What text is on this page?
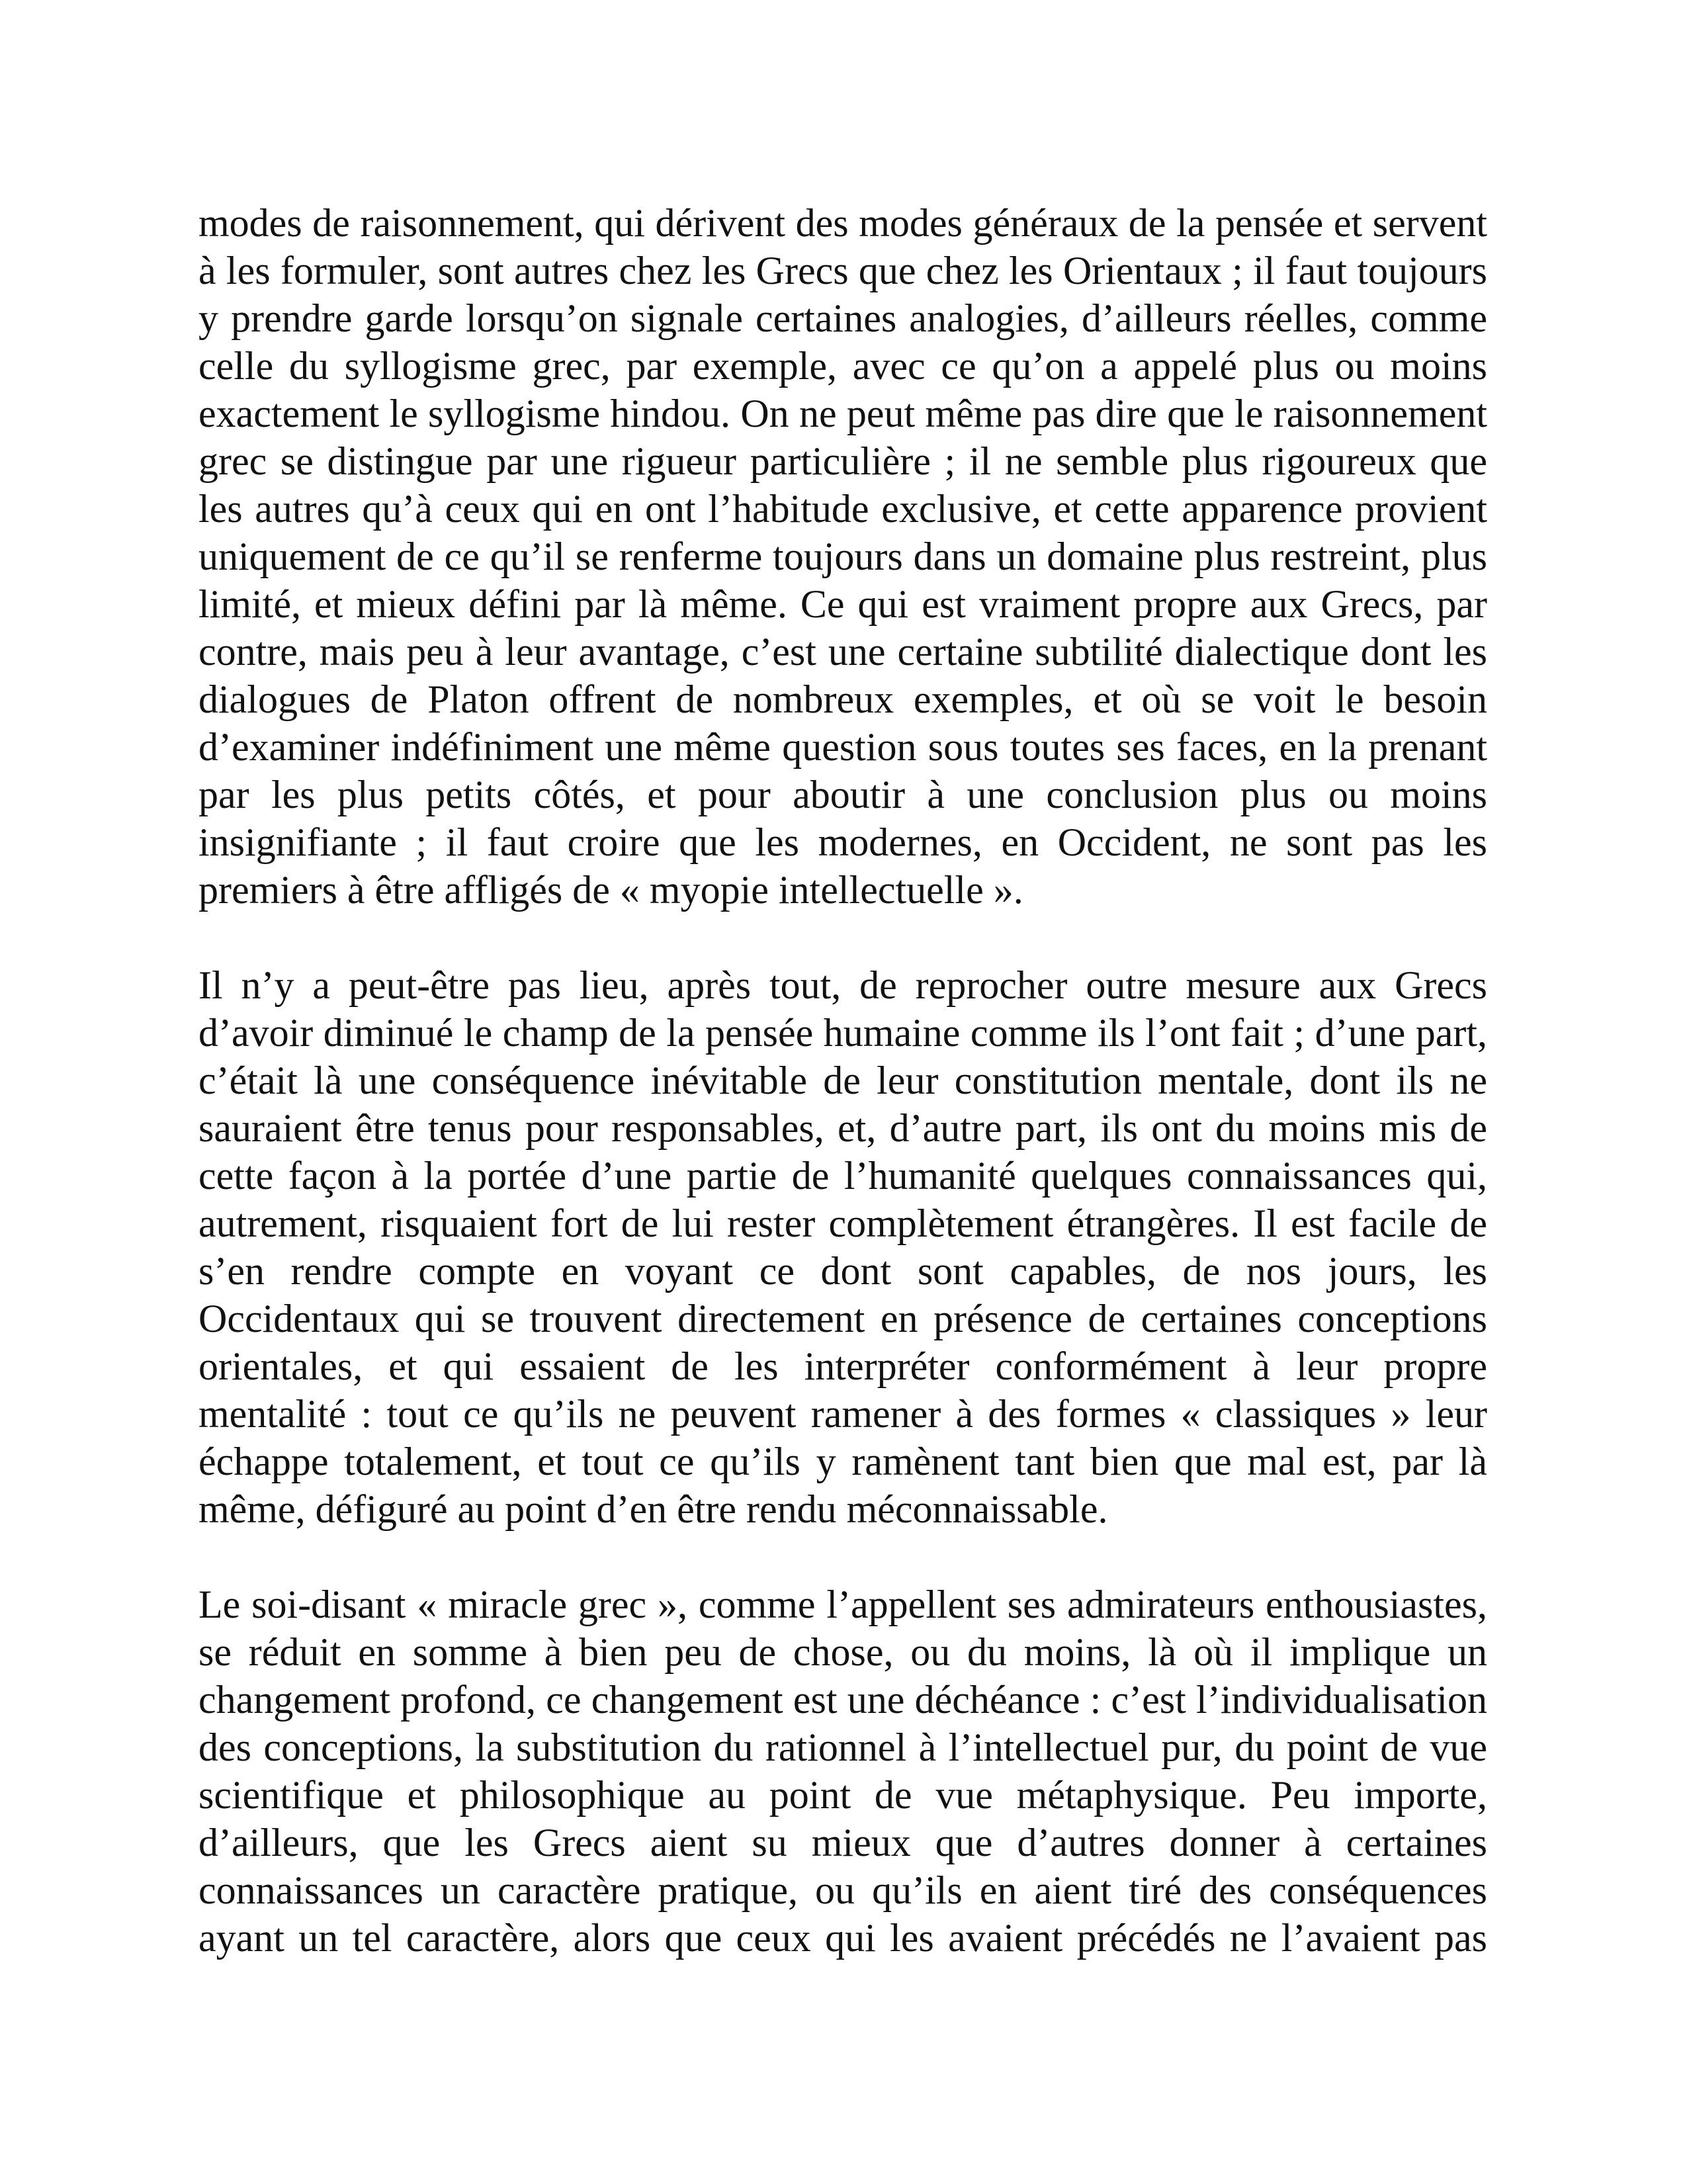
modes de raisonnement, qui dérivent des modes généraux de la pensée et servent
à les formuler, sont autres chez les Grecs que chez les Orientaux ; il faut toujours
y prendre garde lorsqu’on signale certaines analogies, d’ailleurs réelles, comme
celle du syllogisme grec, par exemple, avec ce qu’on a appelé plus ou moins
exactement le syllogisme hindou. On ne peut même pas dire que le raisonnement
grec se distingue par une rigueur particulière ; il ne semble plus rigoureux que
les autres qu’à ceux qui en ont l’habitude exclusive, et cette apparence provient
uniquement de ce qu’il se renferme toujours dans un domaine plus restreint, plus
limité, et mieux défini par là même. Ce qui est vraiment propre aux Grecs, par
contre, mais peu à leur avantage, c’est une certaine subtilité dialectique dont les
dialogues de Platon offrent de nombreux exemples, et où se voit le besoin
d’examiner indéfiniment une même question sous toutes ses faces, en la prenant
par les plus petits côtés, et pour aboutir à une conclusion plus ou moins
insignifiante ; il faut croire que les modernes, en Occident, ne sont pas les
premiers à être affligés de « myopie intellectuelle ».

Il n’y a peut-être pas lieu, après tout, de reprocher outre mesure aux Grecs
d’avoir diminué le champ de la pensée humaine comme ils l’ont fait ; d’une part,
c’était là une conséquence inévitable de leur constitution mentale, dont ils ne
sauraient être tenus pour responsables, et, d’autre part, ils ont du moins mis de
cette façon à la portée d’une partie de l’humanité quelques connaissances qui,
autrement, risquaient fort de lui rester complètement étrangères. Il est facile de
s’en rendre compte en voyant ce dont sont capables, de nos jours, les
Occidentaux qui se trouvent directement en présence de certaines conceptions
orientales, et qui essaient de les interpréter conformément à leur propre
mentalité : tout ce qu’ils ne peuvent ramener à des formes « classiques » leur
échappe totalement, et tout ce qu’ils y ramènent tant bien que mal est, par là
même, défiguré au point d’en être rendu méconnaissable.

Le soi-disant « miracle grec », comme l’appellent ses admirateurs enthousiastes,
se réduit en somme à bien peu de chose, ou du moins, là où il implique un
changement profond, ce changement est une déchéance : c’est l’individualisation
des conceptions, la substitution du rationnel à l’intellectuel pur, du point de vue
scientifique et philosophique au point de vue métaphysique. Peu importe,
d’ailleurs, que les Grecs aient su mieux que d’autres donner à certaines
connaissances un caractère pratique, ou qu’ils en aient tiré des conséquences
ayant un tel caractère, alors que ceux qui les avaient précédés ne l’avaient pas
